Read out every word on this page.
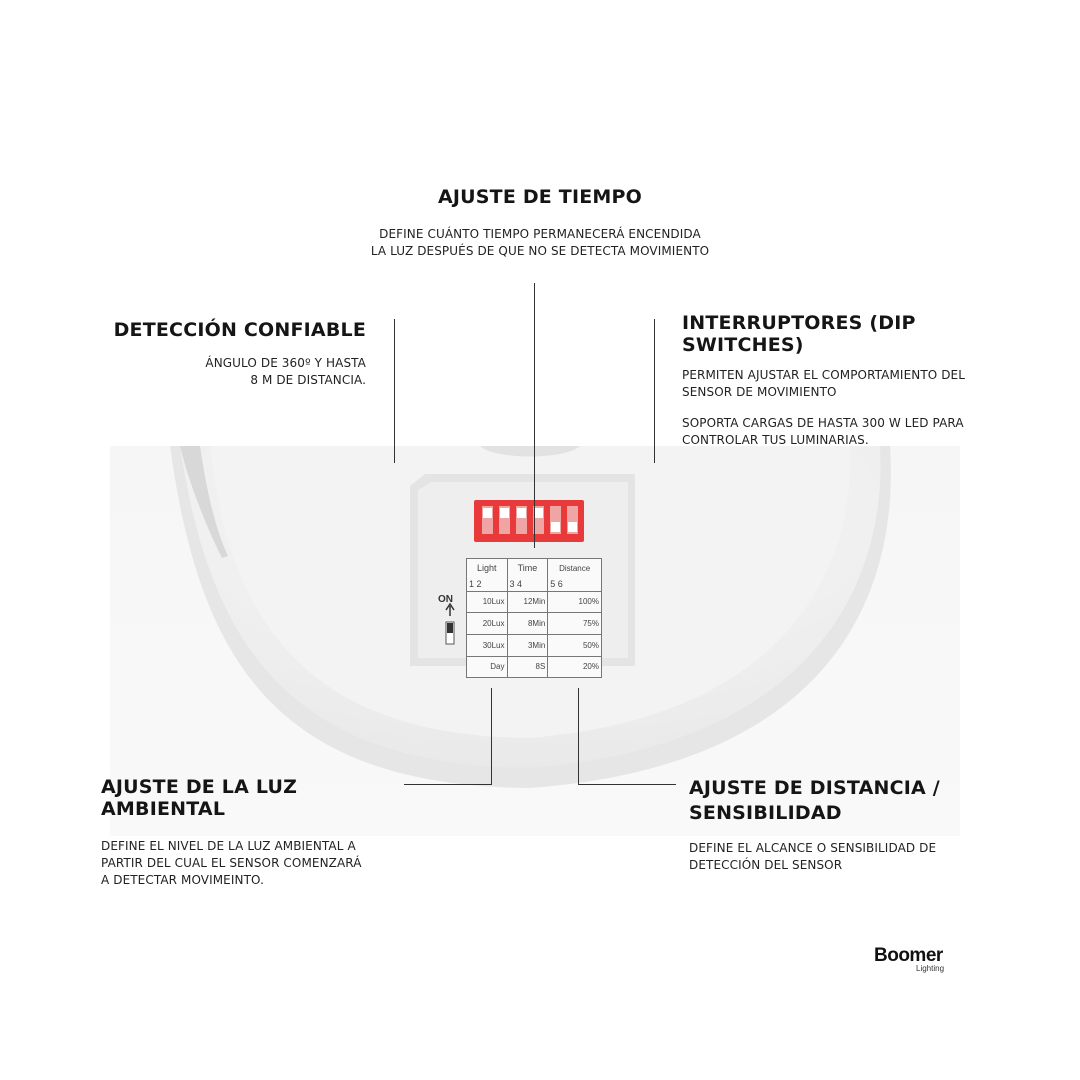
ON
Light	Time	Distance
1 2	3 4	5 6
10Lux	12Min	100%
20Lux	8Min	75%
30Lux	3Min	50%
Day	8S	20%
AJUSTE DE TIEMPO
DEFINE CUÁNTO TIEMPO PERMANECERÁ ENCENDIDA
LA LUZ DESPUÉS DE QUE NO SE DETECTA MOVIMIENTO
DETECCIÓN CONFIABLE
ÁNGULO DE 360º Y HASTA
8 M DE DISTANCIA.
INTERRUPTORES (DIP SWITCHES)
PERMITEN AJUSTAR EL COMPORTAMIENTO DEL
SENSOR DE MOVIMIENTO
SOPORTA CARGAS DE HASTA 300 W LED PARA
CONTROLAR TUS LUMINARIAS.
AJUSTE DE LA LUZ AMBIENTAL
DEFINE EL NIVEL DE LA LUZ AMBIENTAL A
PARTIR DEL CUAL EL SENSOR COMENZARÁ
A DETECTAR MOVIMEINTO.
AJUSTE DE DISTANCIA /
SENSIBILIDAD
DEFINE EL ALCANCE O SENSIBILIDAD DE
DETECCIÓN DEL SENSOR
Boomer
Lighting
